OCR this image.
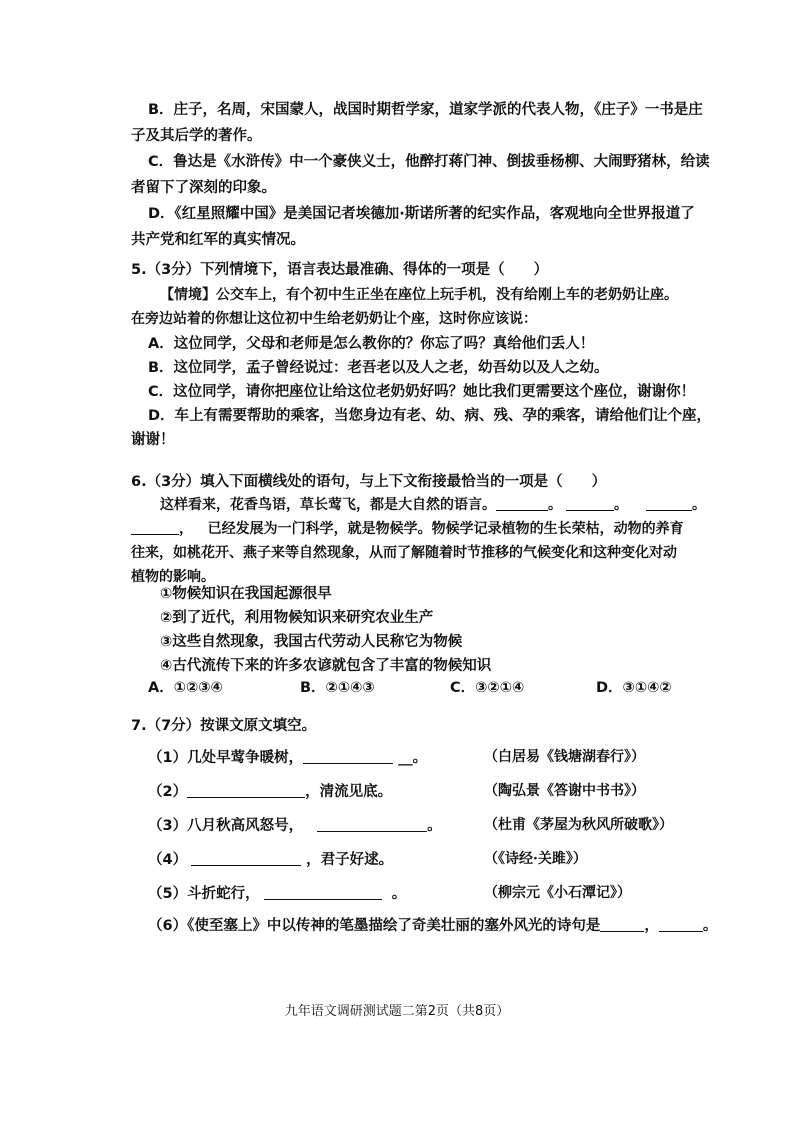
B．庄子，名周，宋国蒙人，战国时期哲学家，道家学派的代表人物，《庄子》一书是庄
子及其后学的著作。
C．鲁达是《水浒传》中一个豪侠义士，他醉打蒋门神、倒拔垂杨柳、大闹野猪林，给读
者留下了深刻的印象。
D．《红星照耀中国》是美国记者埃德加·斯诺所著的纪实作品，客观地向全世界报道了
共产党和红军的真实情况。
5.（3分）下列情境下，语言表达最准确、得体的一项是（　　）
【情境】公交车上，有个初中生正坐在座位上玩手机，没有给刚上车的老奶奶让座。
在旁边站着的你想让这位初中生给老奶奶让个座，这时你应该说：
A．这位同学，父母和老师是怎么教你的？你忘了吗？真给他们丢人！
B．这位同学，孟子曾经说过：老吾老以及人之老，幼吾幼以及人之幼。
C．这位同学，请你把座位让给这位老奶奶好吗？她比我们更需要这个座位，谢谢你！
D．车上有需要帮助的乘客，当您身边有老、幼、病、残、孕的乘客，请给他们让个座，
谢谢！
6.（3分）填入下面横线处的语句，与上下文衔接最恰当的一项是（　　）
这样看来，花香鸟语，草长莺飞，都是大自然的语言。	。	。	。
， 已经发展为一门科学，就是物候学。物候学记录植物的生长荣枯，动物的养育
往来，如桃花开、燕子来等自然现象，从而了解随着时节推移的气候变化和这种变化对动
植物的影响。
①物候知识在我国起源很早
②到了近代，利用物候知识来研究农业生产
③这些自然现象，我国古代劳动人民称它为物候
④古代流传下来的许多农谚就包含了丰富的物候知识
A．①②③④	B．②①④③	C．③②①④	D．③①④②
7.（7分）按课文原文填空。
（1）几处早莺争暖树，	__。	（白居易《钱塘湖春行》）
（2）	，清流见底。	（陶弘景《答谢中书书》）
（3）八月秋高风怒号，	。	（杜甫《茅屋为秋风所破歌》）
（4）	，君子好逑。	（《诗经·关雎》）
（5）斗折蛇行，	。	（柳宗元《小石潭记》）
（6）《使至塞上》中以传神的笔墨描绘了奇美壮丽的塞外风光的诗句是	，	。
九年语文调研测试题二第2页（共8页）
